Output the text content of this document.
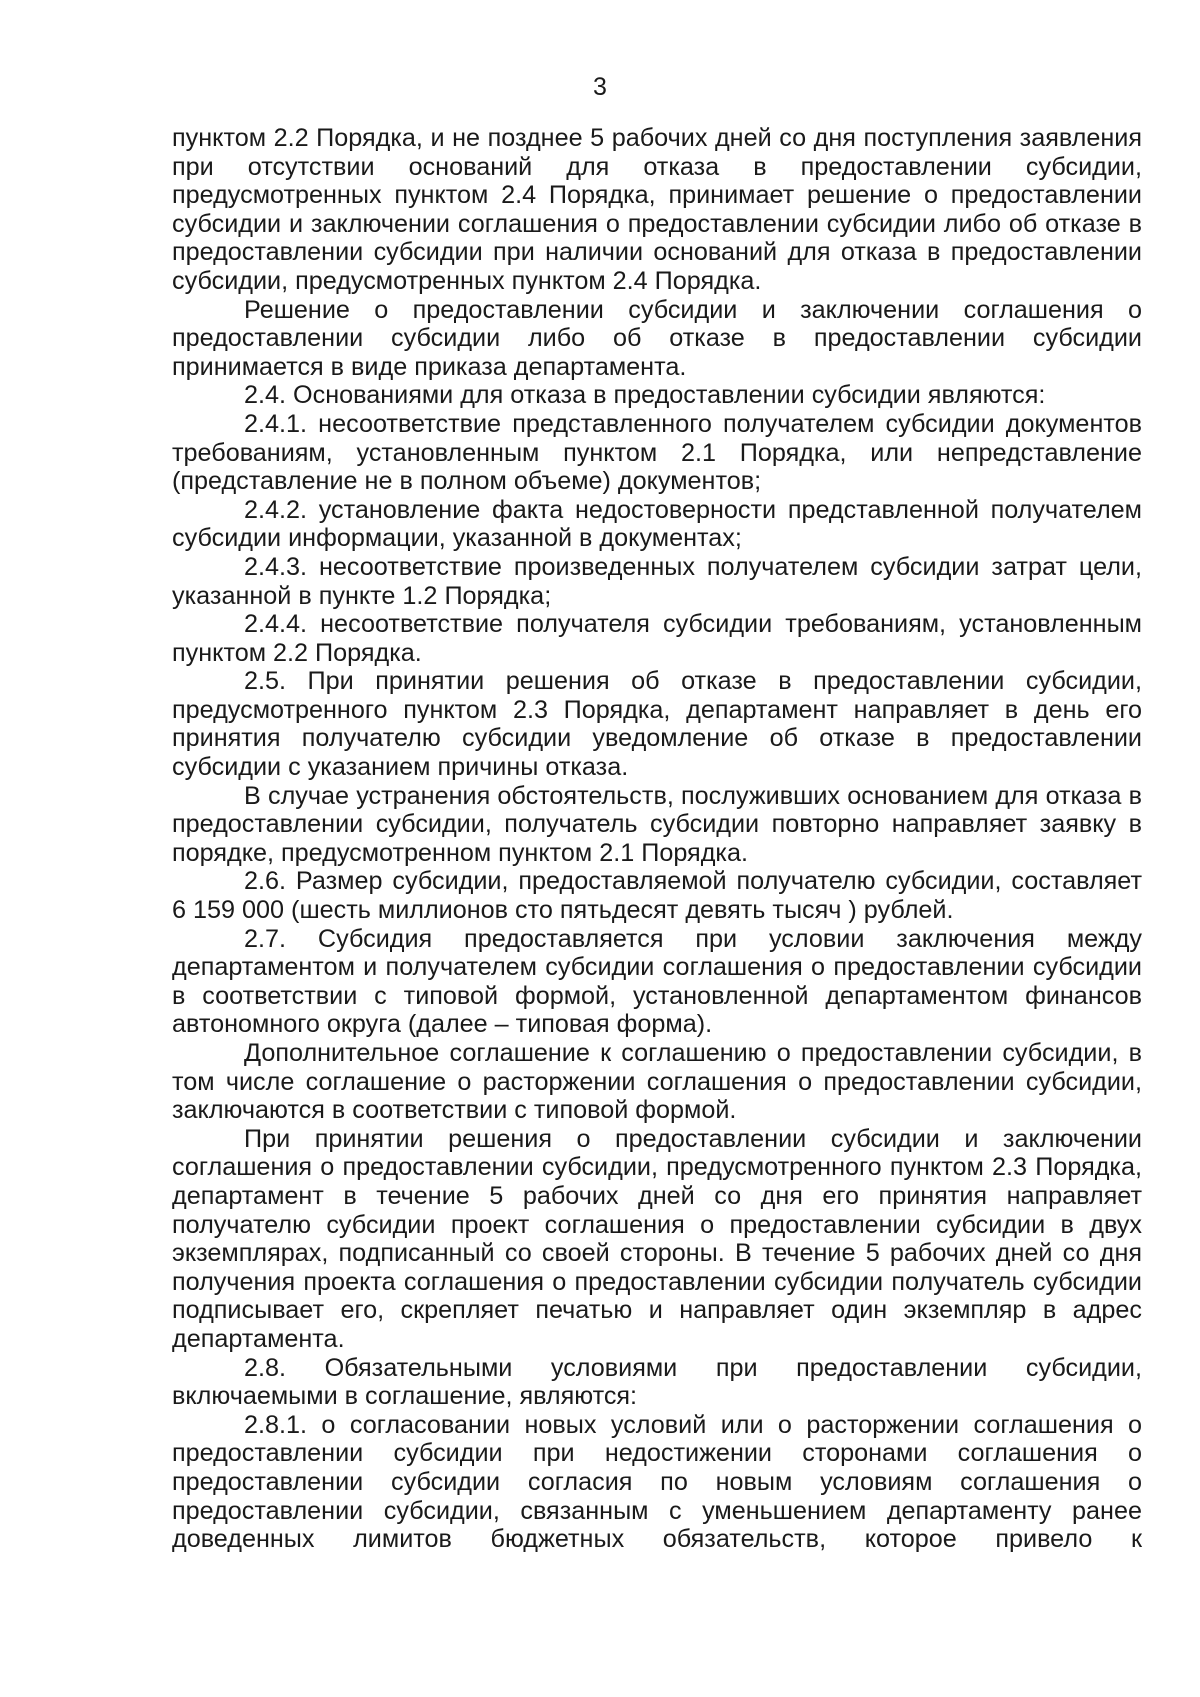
3

пунктом 2.2 Порядка, и не позднее 5 рабочих дней со дня поступления заявления при отсутствии оснований для отказа в предоставлении субсидии, предусмотренных пунктом 2.4 Порядка, принимает решение о предоставлении субсидии и заключении соглашения о предоставлении субсидии либо об отказе в предоставлении субсидии при наличии оснований для отказа в предоставлении субсидии, предусмотренных пунктом 2.4 Порядка.

Решение о предоставлении субсидии и заключении соглашения о предоставлении субсидии либо об отказе в предоставлении субсидии принимается в виде приказа департамента.

2.4. Основаниями для отказа в предоставлении субсидии являются:

2.4.1. несоответствие представленного получателем субсидии документов требованиям, установленным пунктом 2.1 Порядка, или непредставление (представление не в полном объеме) документов;

2.4.2. установление факта недостоверности представленной получателем субсидии информации, указанной в документах;

2.4.3. несоответствие произведенных получателем субсидии затрат цели, указанной в пункте 1.2 Порядка;

2.4.4. несоответствие получателя субсидии требованиям, установленным пунктом 2.2 Порядка.

2.5. При принятии решения об отказе в предоставлении субсидии, предусмотренного пунктом 2.3 Порядка, департамент направляет в день его принятия получателю субсидии уведомление об отказе в предоставлении субсидии с указанием причины отказа.

В случае устранения обстоятельств, послуживших основанием для отказа в предоставлении субсидии, получатель субсидии повторно направляет заявку в порядке, предусмотренном пунктом 2.1 Порядка.

2.6. Размер субсидии, предоставляемой получателю субсидии, составляет 6 159 000 (шесть миллионов сто пятьдесят девять тысяч ) рублей.

2.7. Субсидия предоставляется при условии заключения между департаментом и получателем субсидии соглашения о предоставлении субсидии в соответствии с типовой формой, установленной департаментом финансов автономного округа (далее – типовая форма).

Дополнительное соглашение к соглашению о предоставлении субсидии, в том числе соглашение о расторжении соглашения о предоставлении субсидии, заключаются в соответствии с типовой формой.

При принятии решения о предоставлении субсидии и заключении соглашения о предоставлении субсидии, предусмотренного пунктом 2.3 Порядка, департамент в течение 5 рабочих дней со дня его принятия направляет получателю субсидии проект соглашения о предоставлении субсидии в двух экземплярах, подписанный со своей стороны. В течение 5 рабочих дней со дня получения проекта соглашения о предоставлении субсидии получатель субсидии подписывает его, скрепляет печатью и направляет один экземпляр в адрес департамента.

2.8. Обязательными условиями при предоставлении субсидии, включаемыми в соглашение, являются:

2.8.1. о согласовании новых условий или о расторжении соглашения о предоставлении субсидии при недостижении сторонами соглашения о предоставлении субсидии согласия по новым условиям соглашения о предоставлении субсидии, связанным с уменьшением департаменту ранее доведенных лимитов бюджетных обязательств, которое привело к
